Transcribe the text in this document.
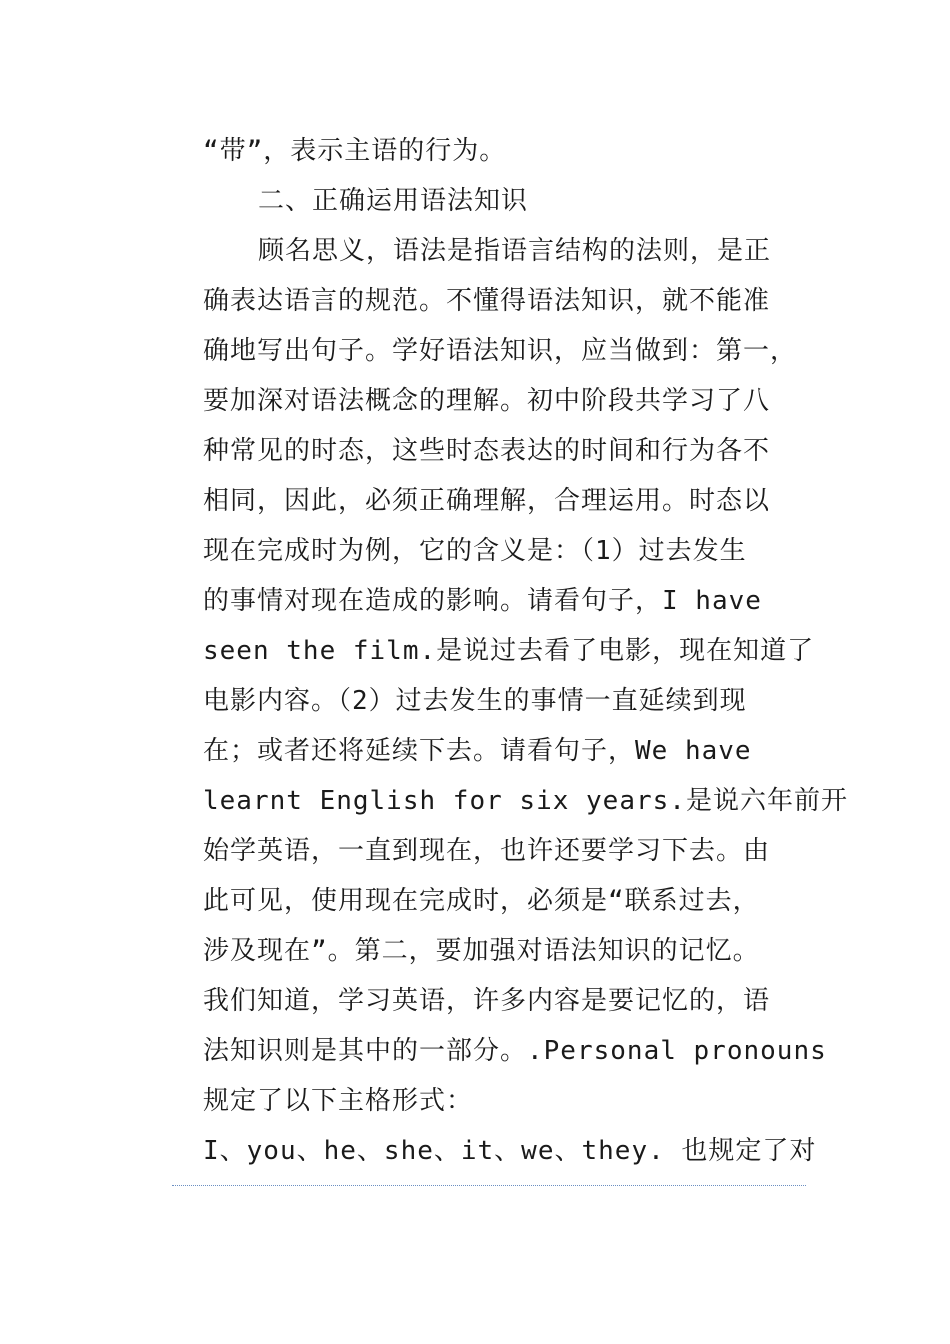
“带”，表示主语的行为。
二、正确运用语法知识
顾名思义，语法是指语言结构的法则，是正
确表达语言的规范。不懂得语法知识，就不能准
确地写出句子。学好语法知识，应当做到：第一，
要加深对语法概念的理解。初中阶段共学习了八
种常见的时态，这些时态表达的时间和行为各不
相同，因此，必须正确理解，合理运用。时态以
现在完成时为例，它的含义是：（1）过去发生
的事情对现在造成的影响。请看句子，I have
seen the film.是说过去看了电影，现在知道了
电影内容。（2）过去发生的事情一直延续到现
在；或者还将延续下去。请看句子，We have
learnt English for six years.是说六年前开
始学英语，一直到现在，也许还要学习下去。由
此可见，使用现在完成时，必须是“联系过去，
涉及现在”。第二，要加强对语法知识的记忆。
我们知道，学习英语，许多内容是要记忆的，语
法知识则是其中的一部分。.Personal pronouns
规定了以下主格形式：
I、you、he、she、it、we、they. 也规定了对
